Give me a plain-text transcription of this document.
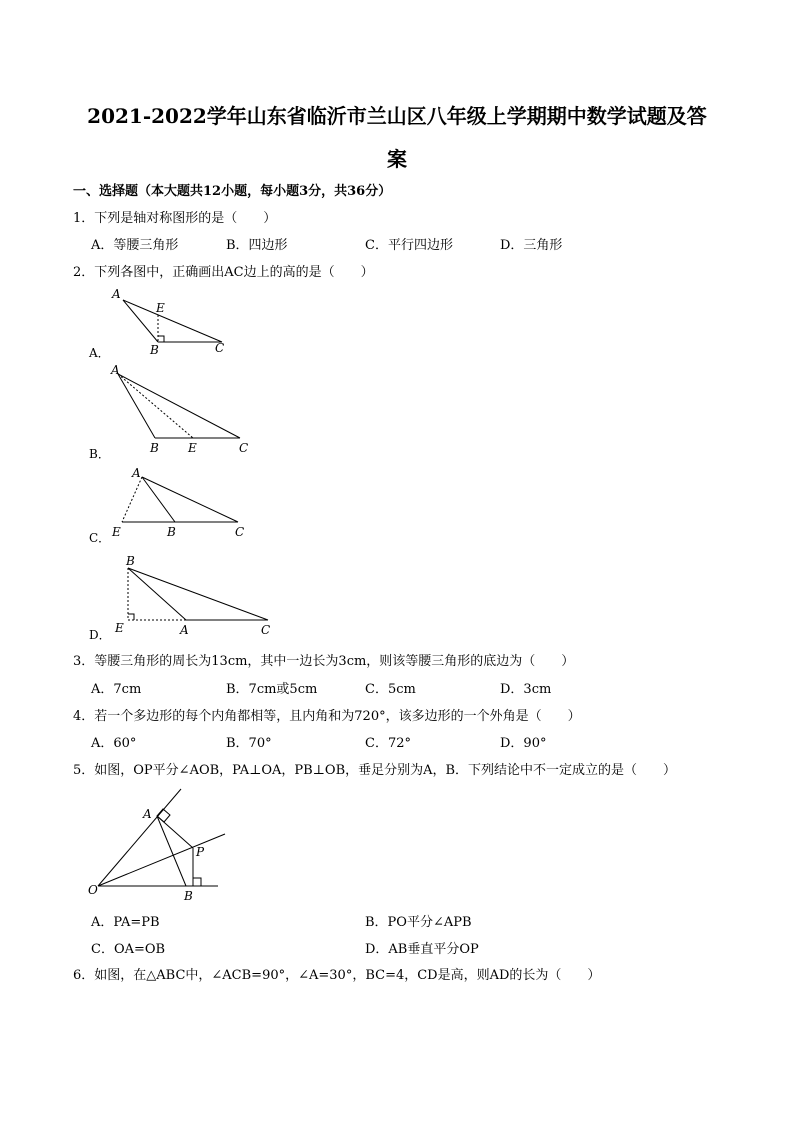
2021-2022学年山东省临沂市兰山区八年级上学期期中数学试题及答
案
一、选择题（本大题共12小题，每小题3分，共36分）
1．下列是轴对称图形的是（　　）
A．等腰三角形	B．四边形	C．平行四边形	D．三角形
2．下列各图中，正确画出AC边上的高的是（　　）
A
E
B	C
A．
A
B E	C
B．
A
E	B	C
C．
B
E	A	C
D．
3．等腰三角形的周长为13cm，其中一边长为3cm，则该等腰三角形的底边为（　　）
A．7cm	B．7cm或5cm	C．5cm	D．3cm
4．若一个多边形的每个内角都相等，且内角和为720°，该多边形的一个外角是（　　）
A．60°	B．70°	C．72°	D．90°
5．如图，OP平分∠AOB，PA⊥OA，PB⊥OB，垂足分别为A，B．下列结论中不一定成立的是（　　）
A
P
O	B
A．PA=PB	B．PO平分∠APB
C．OA=OB	D．AB垂直平分OP
6．如图，在△ABC中，∠ACB=90°，∠A=30°，BC=4，CD是高，则AD的长为（　　）
